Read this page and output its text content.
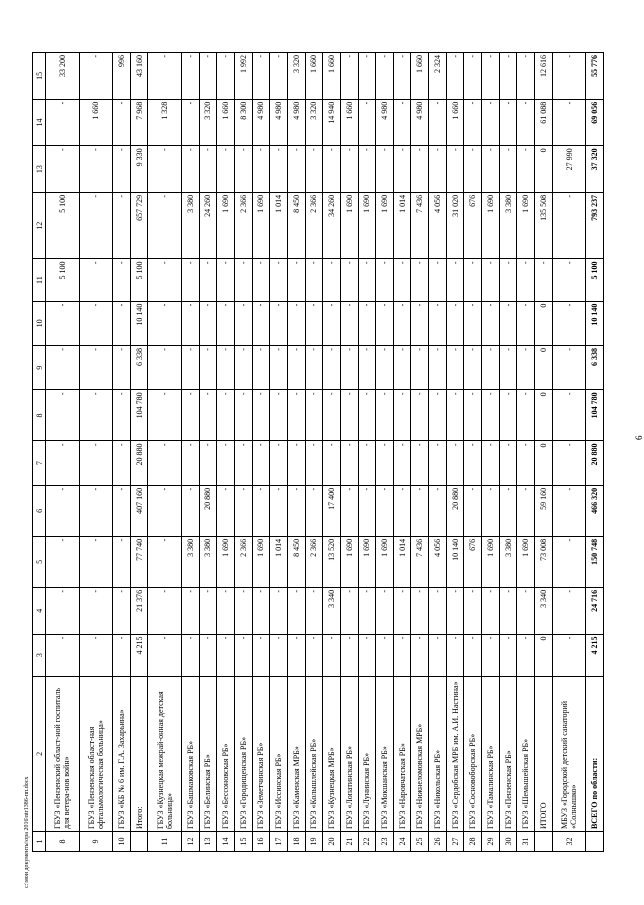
6
c:\мои документы\ора 2016\ntr1386-пп.docx 1	2	3	4	5	6	7	8	9	10	11	12	13	14	15
8	ГБУЗ «Пензенский област-ной госпиталь для ветера-нов войн»	-	-	-	-	-	-	-	-	5 100	5 100	-	-	33 200
9	ГБУЗ «Пензенская област-ная офтальмологическая больница»	-	-	-	-	-	-	-	-	-	-	-	1 660	-
10	ГБУЗ «КБ № 6 им. Г.А. Захарьина»	-	-	-	-	-	-	-	-	-	-	-	-	996
	Итого:	4 215	21 376	77 740	407 160	20 880	104 780	6 338	10 140	5 100	657 729	9 330	7 968	43 160
11	ГБУЗ «Кузнецкая межрай-онная детская больница»	-	-	-	-	-	-	-	-	-	-	-	1 328	-
12	ГБУЗ «Башмаковская РБ»	-	-	3 380	-	-	-	-	-	-	3 380	-	-	-
13	ГБУЗ «Белинская РБ»	-	-	3 380	20 880	-	-	-	-	-	24 260	-	3 320	-
14	ГБУЗ «Бессоновская РБ»	-	-	1 690	-	-	-	-	-	-	1 690	-	1 660	-
15	ГБУЗ «Городищенская РБ»	-	-	2 366	-	-	-	-	-	-	2 366	-	8 300	1 992
16	ГБУЗ «Земетчинская РБ»	-	-	1 690	-	-	-	-	-	-	1 690	-	4 980	-
17	ГБУЗ «Иссинская РБ»	-	-	1 014	-	-	-	-	-	-	1 014	-	4 980	-
18	ГБУЗ «Каменская МРБ»	-	-	8 450	-	-	-	-	-	-	8 450	-	4 980	3 320
19	ГБУЗ «Колышлейская РБ»	-	-	2 366	-	-	-	-	-	-	2 366	-	3 320	1 660
20	ГБУЗ «Кузнецкая МРБ»	-	3 340	13 520	17 400	-	-	-	-	-	34 260	-	14 940	1 660
21	ГБУЗ «Лопатинская РБ»	-	-	1 690	-	-	-	-	-	-	1 690	-	1 660	-
22	ГБУЗ «Лунинская РБ»	-	-	1 690	-	-	-	-	-	-	1 690	-	-	-
23	ГБУЗ «Мокшанская РБ»	-	-	1 690	-	-	-	-	-	-	1 690	-	4 980	-
24	ГБУЗ «Наровчатская РБ»	-	-	1 014	-	-	-	-	-	-	1 014	-	-	-
25	ГБУЗ «Нижнеломовская МРБ»	-	-	7 436	-	-	-	-	-	-	7 436	-	4 980	1 660
26	ГБУЗ «Никольская РБ»	-	-	4 056	-	-	-	-	-	-	4 056	-	-	2 324
27	ГБУЗ «Сердобская МРБ им. А.И. Настина»	-	-	10 140	20 880	-	-	-	-	-	31 020	-	1 660	-
28	ГБУЗ «Сосновоборская РБ»	-	-	676	-	-	-	-	-	-	676	-	-	-
29	ГБУЗ «Тамалинская РБ»	-	-	1 690	-	-	-	-	-	-	1 690	-	-	-
30	ГБУЗ «Пензенская РБ»	-	-	3 380	-	-	-	-	-	-	3 380	-	-	-
31	ГБУЗ «Шемышейская РБ»	-	-	1 690	-	-	-	-	-	-	1 690	-	-	-
	ИТОГО	0	3 340	73 008	59 160	0	0	0	0	-	135 508	0	61 088	12 616
32	МБУЗ «Городской детский санаторий «Солнышко»	-	-	-	-	-	-	-	-	-	-	27 990	-	-
	ВСЕГО по области:	4 215	24 716	150 748	466 320	20 880	104 780	6 338	10 140	5 100	793 237	37 320	69 056	55 776
